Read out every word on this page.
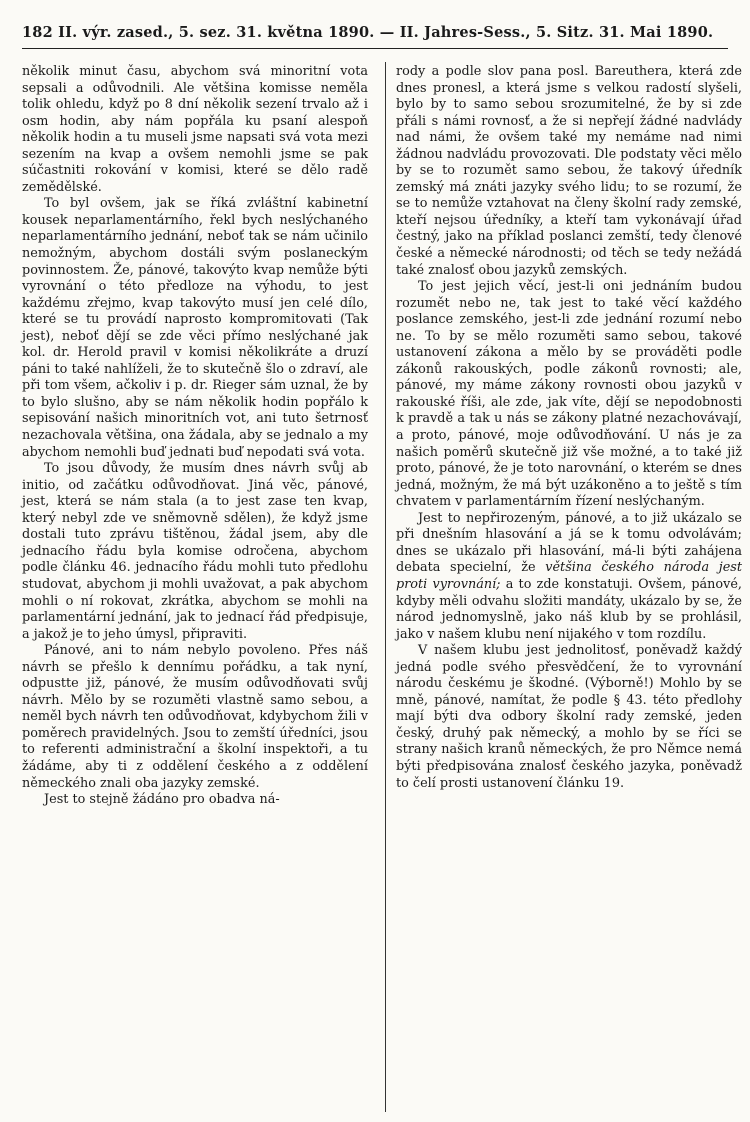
182 II. výr. zased., 5. sez. 31. května 1890. — II. Jahres-Sess., 5. Sitz. 31. Mai 1890.

několik minut času, abychom svá minoritní vota sepsali a odůvodnili. Ale většina komisse neměla tolik ohledu, když po 8 dní několik sezení trvalo až i osm hodin, aby nám popřála ku psaní alespoň několik hodin a tu museli jsme napsati svá vota mezi sezením na kvap a ovšem nemohli jsme se pak súčastniti rokování v komisi, které se dělo radě zemědělské.

To byl ovšem, jak se říká zvláštní kabinetní kousek neparlamentárního, řekl bych neslýchaného neparlamentárního jednání, neboť tak se nám učinilo nemožným, abychom dostáli svým poslaneckým povinnostem. Že, pánové, takovýto kvap nemůže býti vyrovnání o této předloze na výhodu, to jest každému zřejmo, kvap takovýto musí jen celé dílo, které se tu provádí naprosto kompromitovati (Tak jest), neboť dějí se zde věci přímo neslýchané jak kol. dr. Herold pravil v komisi několikráte a druzí páni to také nahlíželi, že to skutečně šlo o zdraví, ale při tom všem, ačkoliv i p. dr. Rieger sám uznal, že by to bylo slušno, aby se nám několik hodin popřálo k sepisování našich minoritních vot, ani tuto šetrnosť nezachovala většina, ona žádala, aby se jednalo a my abychom nemohli buď jednati buď nepodati svá vota.

To jsou důvody, že musím dnes návrh svůj ab initio, od začátku odůvodňovat. Jiná věc, pánové, jest, která se nám stala (a to jest zase ten kvap, který nebyl zde ve sněmovně sdělen), že když jsme dostali tuto zprávu tištěnou, žádal jsem, aby dle jednacího řádu byla komise odročena, abychom podle článku 46. jednacího řádu mohli tuto předlohu studovat, abychom ji mohli uvažovat, a pak abychom mohli o ní rokovat, zkrátka, abychom se mohli na parlamentární jednání, jak to jednací řád předpisuje, a jakož je to jeho úmysl, připraviti.

Pánové, ani to nám nebylo povoleno. Přes náš návrh se přešlo k dennímu pořádku, a tak nyní, odpustte již, pánové, že musím odůvodňovati svůj návrh. Mělo by se rozuměti vlastně samo sebou, a neměl bych návrh ten odůvodňovat, kdybychom žili v poměrech pravidelných. Jsou to zemští úředníci, jsou to referenti administrační a školní inspektoři, a tu žádáme, aby ti z oddělení českého a z oddělení německého znali oba jazyky zemské.

Jest to stejně žádáno pro obadva ná-

rody a podle slov pana posl. Bareuthera, která zde dnes pronesl, a která jsme s velkou radostí slyšeli, bylo by to samo sebou srozumitelné, že by si zde přáli s námi rovnosť, a že si nepřejí žádné nadvlády nad námi, že ovšem také my nemáme nad nimi žádnou nadvládu provozovati. Dle podstaty věci mělo by se to rozumět samo sebou, že takový úředník zemský má znáti jazyky svého lidu; to se rozumí, že se to nemůže vztahovat na členy školní rady zemské, kteří nejsou úředníky, a kteří tam vykonávají úřad čestný, jako na příklad poslanci zemští, tedy členové české a německé národnosti; od těch se tedy nežádá také znalosť obou jazyků zemských.

To jest jejich věcí, jest-li oni jednáním budou rozumět nebo ne, tak jest to také věcí každého poslance zemského, jest-li zde jednání rozumí nebo ne. To by se mělo rozuměti samo sebou, takové ustanovení zákona a mělo by se prováděti podle zákonů rakouských, podle zákonů rovnosti; ale, pánové, my máme zákony rovnosti obou jazyků v rakouské říši, ale zde, jak víte, dějí se nepodobnosti k pravdě a tak u nás se zákony platné nezachovávají, a proto, pánové, moje odůvodňování. U nás je za našich poměrů skutečně již vše možné, a to také již proto, pánové, že je toto narovnání, o kterém se dnes jedná, možným, že má být uzákoněno a to ještě s tím chvatem v parlamentárním řízení neslýchaným.

Jest to nepřirozeným, pánové, a to již ukázalo se při dnešním hlasování a já se k tomu odvolávám; dnes se ukázalo při hlasování, má-li býti zahájena debata specielní, že většina českého národa jest proti vyrovnání; a to zde konstatuji. Ovšem, pánové, kdyby měli odvahu složiti mandáty, ukázalo by se, že národ jednomyslně, jako náš klub by se prohlásil, jako v našem klubu není nijakého v tom rozdílu.

V našem klubu jest jednolitosť, poněvadž každý jedná podle svého přesvědčení, že to vyrovnání národu českému je škodné. (Výborně!) Mohlo by se mně, pánové, namítat, že podle § 43. této předlohy mají býti dva odbory školní rady zemské, jeden český, druhý pak německý, a mohlo by se říci se strany našich kranů německých, že pro Němce nemá býti předpisována znalosť českého jazyka, poněvadž to čelí prosti ustanovení článku 19.
